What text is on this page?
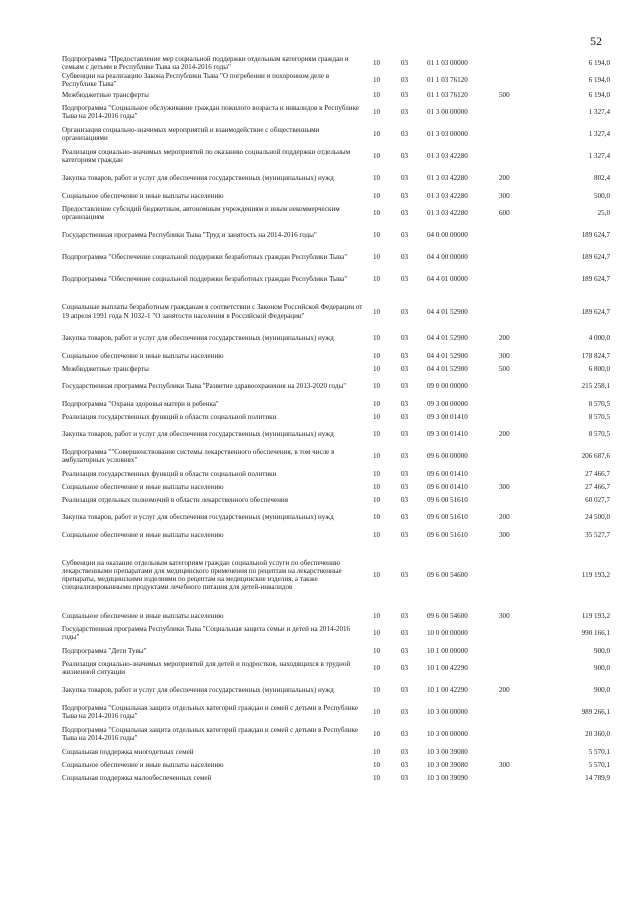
52
Подпрограмма "Предоставление мер социальной поддержки отдельным категориям граждан и семьям с детьми в Республике Тыва на 2014-2016 годы"	10	03	01 1 03 00000		6 194,0
Субвенции на реализацию Закона Республики Тыва "О погребении и похоронном деле в Республике Тыва"	10	03	01 1 03 76120		6 194,0
Межбюджетные трансферты	10	03	01 1 03 76120	500	6 194,0
Подпрограмма "Социальное обслуживание граждан пожилого возраста и инвалидов в Республике Тыва на 2014-2016 годы"	10	03	01 3 00 00000		1 327,4
Организация социально-значимых мероприятий и взаимодействие с общественными организациями	10	03	01 3 03 00000		1 327,4
Реализация социально-значимых мероприятий по оказанию социальной поддержки отдельным категориям граждан	10	03	01 3 03 42280		1 327,4
Закупка товаров, работ и услуг для обеспечения государственных (муниципальных) нужд	10	03	01 3 03 42280	200	802,4
Социальное обеспечение и иные выплаты населению	10	03	01 3 03 42280	300	500,0
Предоставление субсидий бюджетным, автономным учреждениям и иным некоммерческим организациям	10	03	01 3 03 42280	600	25,0
Государственная программа Республики Тыва "Труд и занятость на 2014-2016 годы"	10	03	04 0 00 00000		189 624,7
Подпрограмма "Обеспечение социальной поддержки безработных граждан Республики Тыва"	10	03	04 4 00 00000		189 624,7
Подпрограмма "Обеспечение социальной поддержки безработных граждан Республики Тыва"	10	03	04 4 01 00000		189 624,7
Социальные выплаты безработным гражданам в соответствии с Законом Российской Федерации от 19 апреля 1991 года N 1032-1 "О занятости населения в Российской Федерации"	10	03	04 4 01 52900		189 624,7
Закупка товаров, работ и услуг для обеспечения государственных (муниципальных) нужд	10	03	04 4 01 52900	200	4 000,0
Социальное обеспечение и иные выплаты населению	10	03	04 4 01 52900	300	178 824,7
Межбюджетные трансферты	10	03	04 4 01 52900	500	6 800,0
Государственная программа Республики Тыва "Развитие здравоохранения на 2013-2020 годы"	10	03	09 0 00 00000		215 258,1
Подпрограмма "Охрана здоровья матери и ребенка"	10	03	09 3 00 00000		8 570,5
Реализация государственных функций в области социальной политики	10	03	09 3 00 01410		8 570,5
Закупка товаров, работ и услуг для обеспечения государственных (муниципальных) нужд	10	03	09 3 00 01410	200	8 570,5
Подпрограмма ""Совершенствование системы лекарственного обеспечения, в том числе в амбулаторных условиях"	10	03	09 6 00 00000		206 687,6
Реализация государственных функций в области социальной политики	10	03	09 6 00 01410		27 466,7
Социальное обеспечение и иные выплаты населению	10	03	09 6 00 01410	300	27 466,7
Реализация отдельных полномочий в области лекарственного обеспечения	10	03	09 6 00 51610		60 027,7
Закупка товаров, работ и услуг для обеспечения государственных (муниципальных) нужд	10	03	09 6 00 51610	200	24 500,0
Социальное обеспечение и иные выплаты населению	10	03	09 6 00 51610	300	35 527,7
Субвенции на оказание отдельным категориям граждан социальной услуги по обеспечению лекарственными препаратами для медицинского применения по рецептам на лекарственные препараты, медицинскими изделиями по рецептам на медицинские изделия, а также специализированными продуктами лечебного питания для детей-инвалидов	10	03	09 6 00 54600		119 193,2
Социальное обеспечение и иные выплаты населению	10	03	09 6 00 54600	300	119 193,2
Государственная программа Республики Тыва "Социальная защита семьи и детей на 2014-2016 годы"	10	03	10 0 00 00000		990 166,1
Подпрограмма "Дети Тувы"	10	03	10 1 00 00000		900,0
Реализация социально-значимых мероприятий для детей и подростков, находящихся в трудной жизненной ситуации	10	03	10 1 00 42290		900,0
Закупка товаров, работ и услуг для обеспечения государственных (муниципальных) нужд	10	03	10 1 00 42290	200	900,0
Подпрограмма "Социальная защита отдельных категорий граждан и семей с детьми в Республике Тыва на 2014-2016 годы"	10	03	10 3 00 00000		989 266,1
Подпрограмма "Социальная защита отдельных категорий граждан и семей с детьми в Республике Тыва на 2014-2016 годы"	10	03	10 3 00 00000		20 360,0
Социальная поддержка многодетных семей	10	03	10 3 00 39080		5 570,1
Социальное обеспечение и иные выплаты населению	10	03	10 3 00 39080	300	5 570,1
Социальная поддержка малообеспеченных семей	10	03	10 3 00 39090		14 789,9
